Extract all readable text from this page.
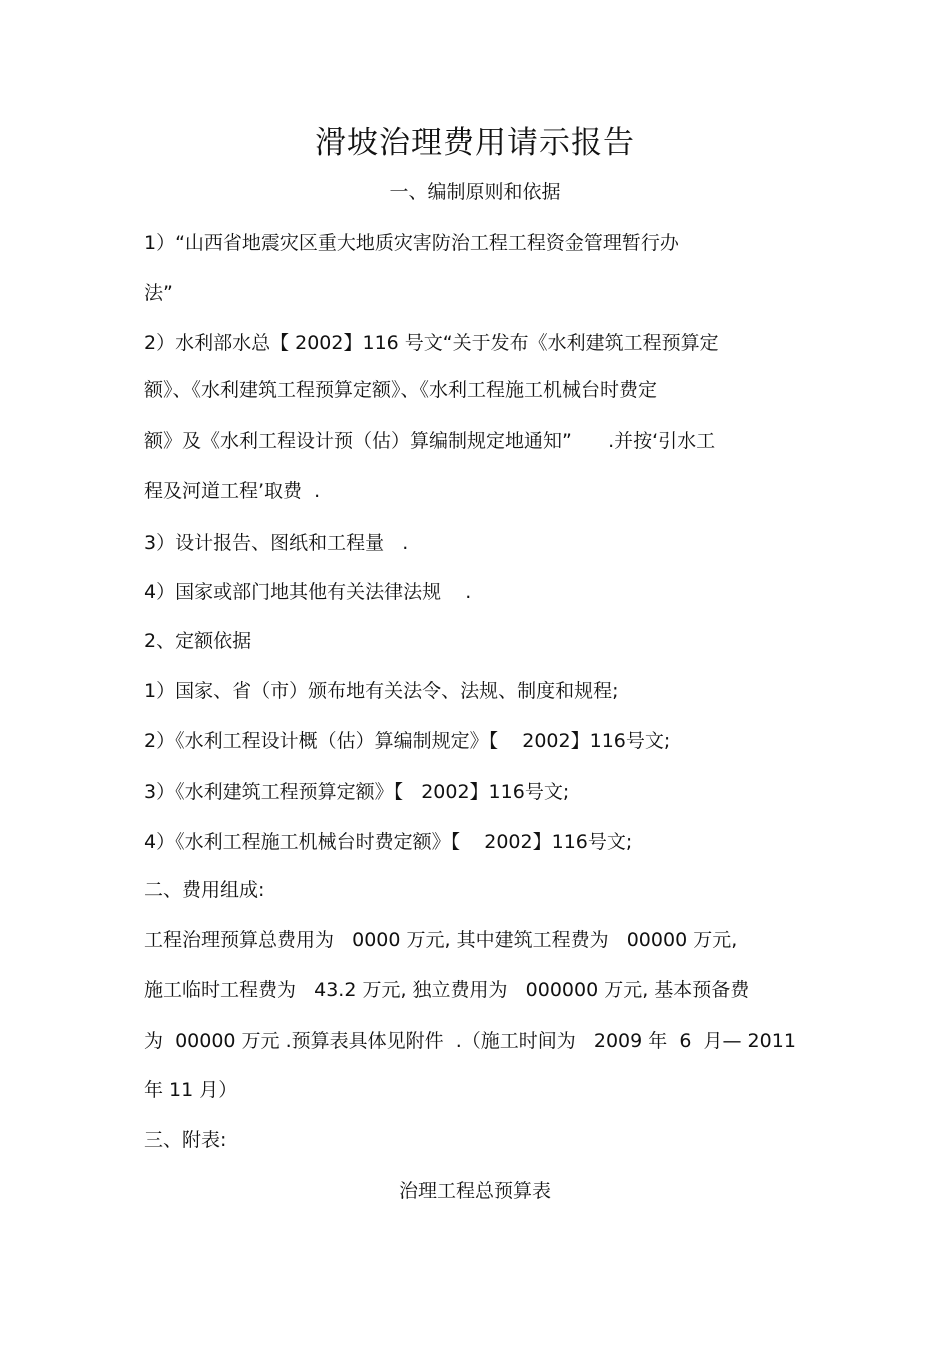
滑坡治理费用请示报告
一、编制原则和依据
1）“山西省地震灾区重大地质灾害防治工程工程资金管理暂行办
法”
2）水利部水总【 2002】116 号文“关于发布《水利建筑工程预算定
额》、《水利建筑工程预算定额》、《水利工程施工机械台时费定
额》及《水利工程设计预（估）算编制规定地通知”      .并按‘引水工
程及河道工程’取费  .
3）设计报告、图纸和工程量   .
4）国家或部门地其他有关法律法规    .
2、定额依据
1）国家、省（市）颁布地有关法令、法规、制度和规程;
2）《水利工程设计概（估）算编制规定》【    2002】116号文;
3）《水利建筑工程预算定额》【   2002】116号文;
4）《水利工程施工机械台时费定额》【    2002】116号文;
二、费用组成:
工程治理预算总费用为   0000 万元, 其中建筑工程费为   00000 万元,
施工临时工程费为   43.2 万元, 独立费用为   000000 万元, 基本预备费
为  00000 万元 .预算表具体见附件  .（施工时间为   2009 年  6  月— 2011
年 11 月）
三、附表:
治理工程总预算表
